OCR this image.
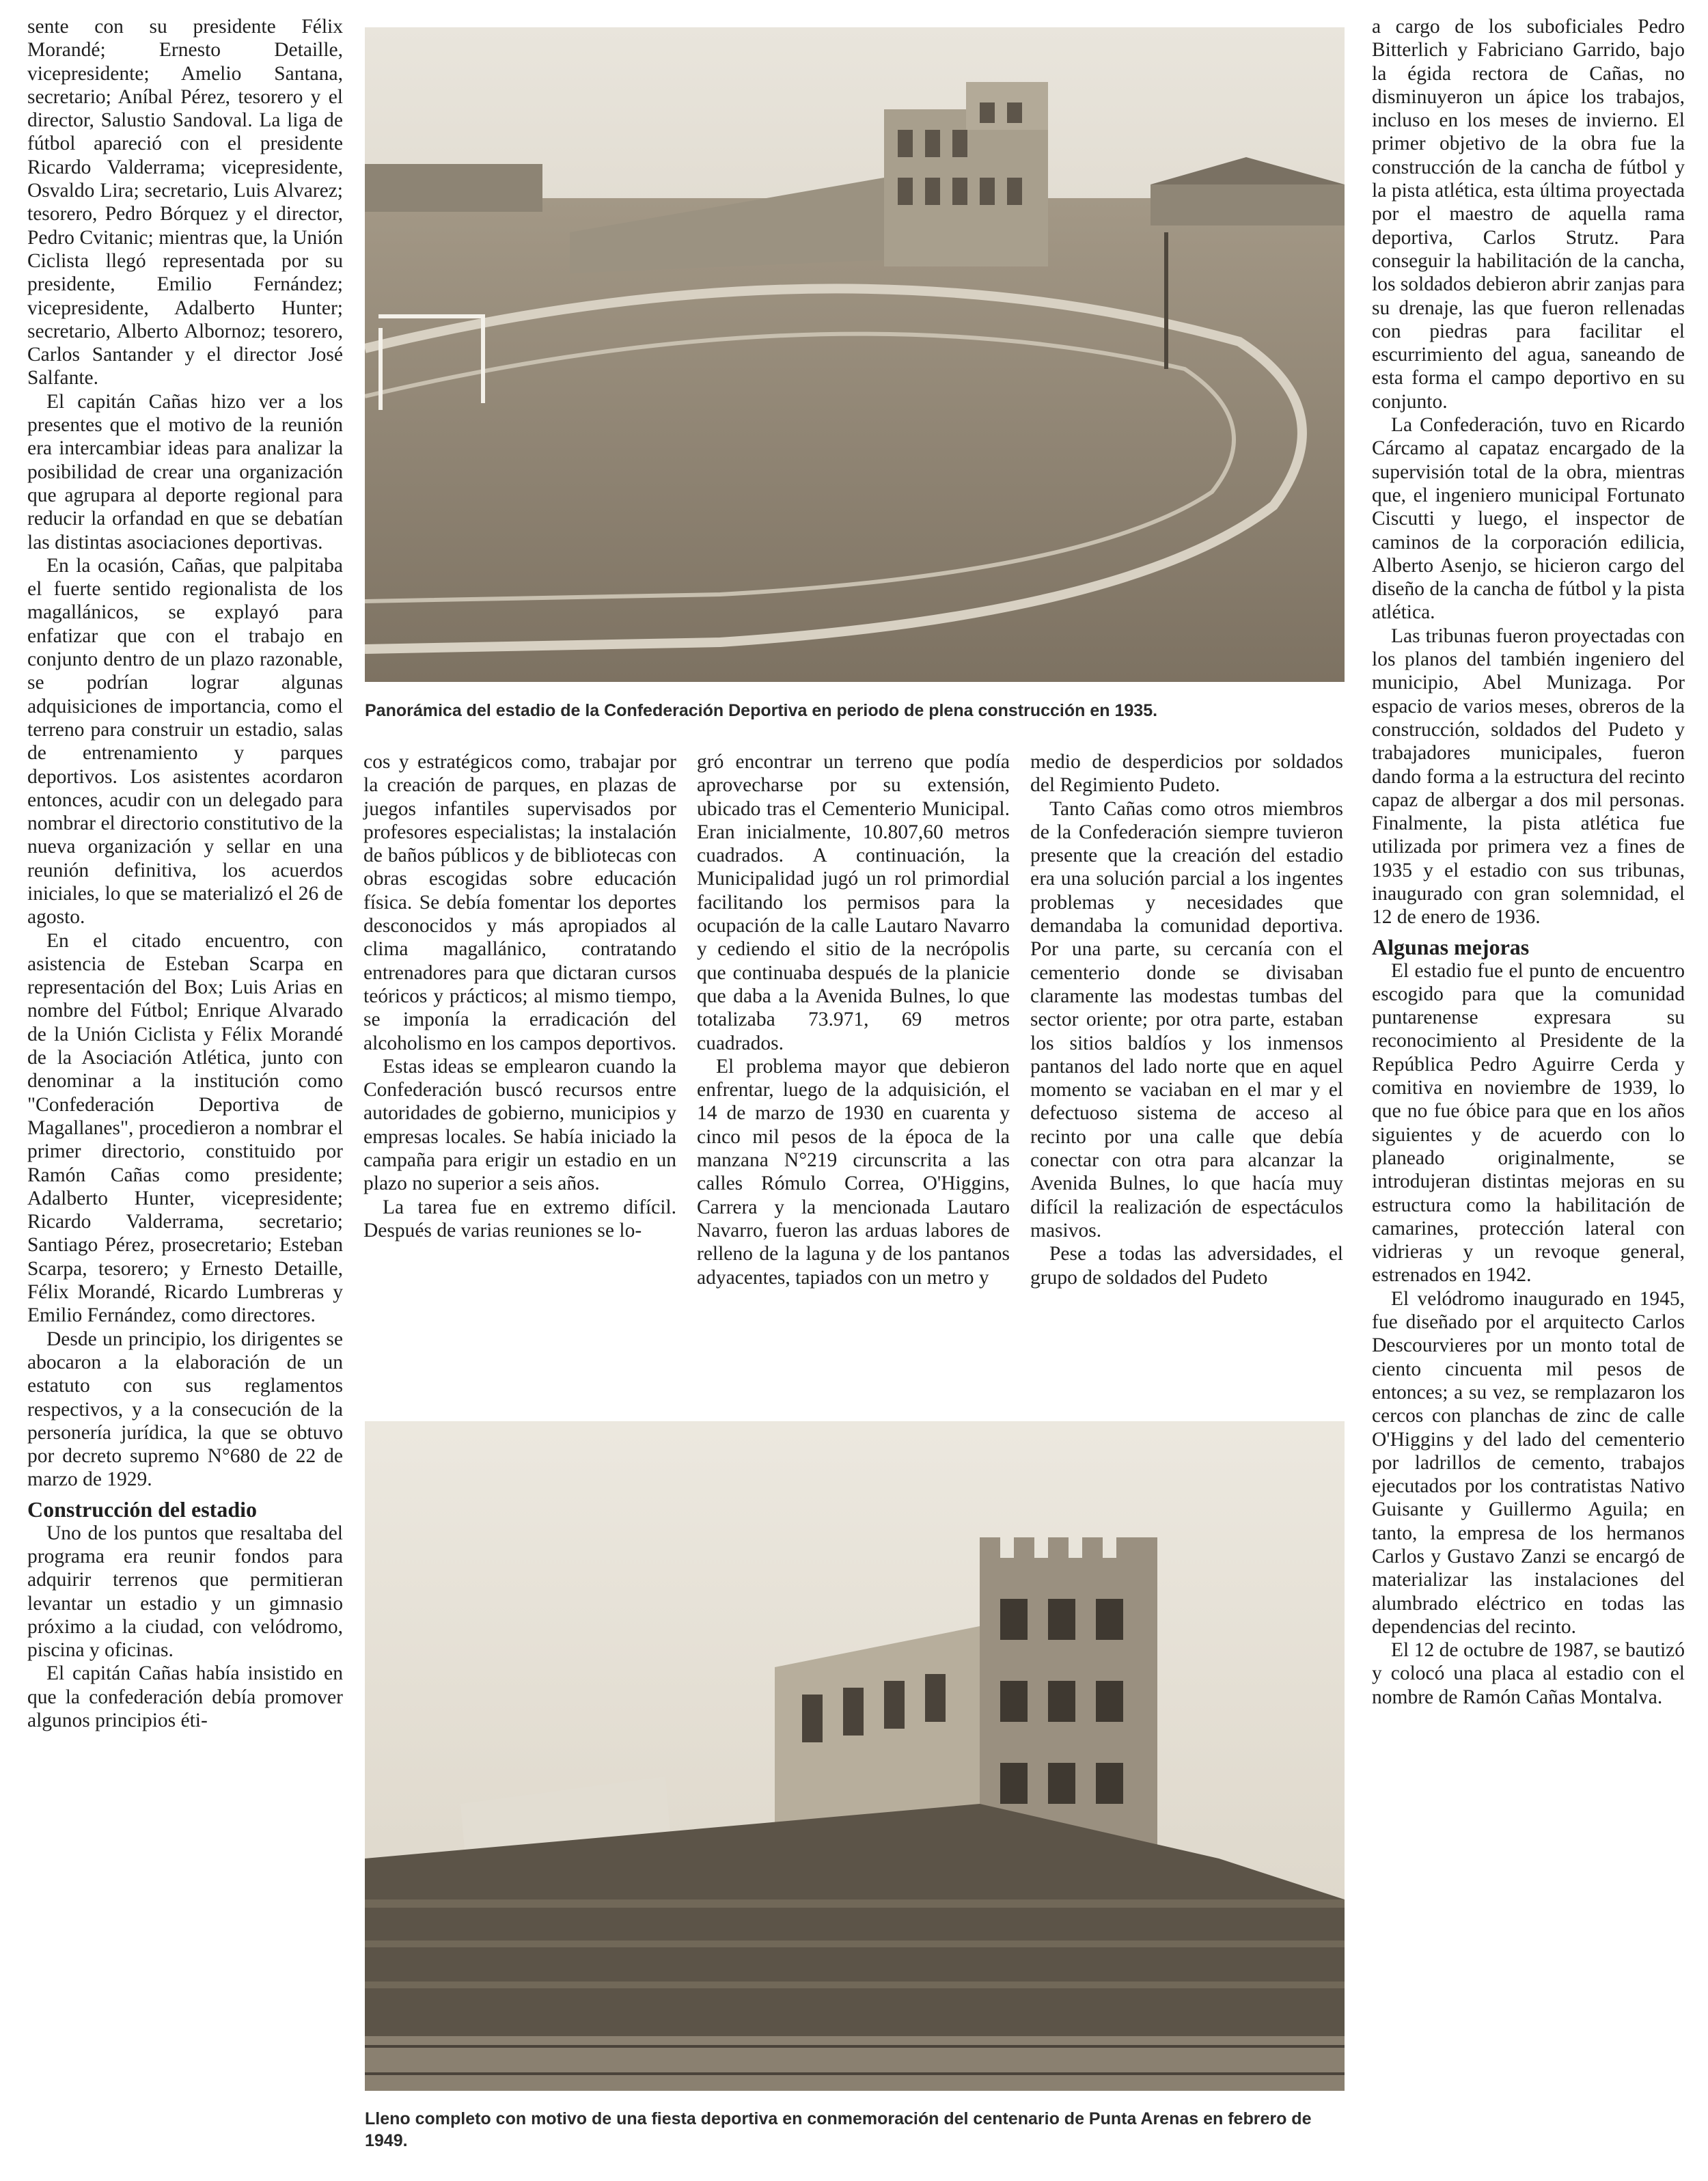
sente con su presidente Félix Morandé; Ernesto Detaille, vicepresidente; Amelio Santana, secretario; Aníbal Pérez, tesorero y el director, Salustio Sandoval. La liga de fútbol apareció con el presidente Ricardo Valderrama; vicepresidente, Osvaldo Lira; secretario, Luis Alvarez; tesorero, Pedro Bórquez y el director, Pedro Cvitanic; mientras que, la Unión Ciclista llegó representada por su presidente, Emilio Fernández; vicepresidente, Adalberto Hunter; secretario, Alberto Albornoz; tesorero, Carlos Santander y el director José Salfante.

El capitán Cañas hizo ver a los presentes que el motivo de la reunión era intercambiar ideas para analizar la posibilidad de crear una organización que agrupara al deporte regional para reducir la orfandad en que se debatían las distintas asociaciones deportivas.

En la ocasión, Cañas, que palpitaba el fuerte sentido regionalista de los magallánicos, se explayó para enfatizar que con el trabajo en conjunto dentro de un plazo razonable, se podrían lograr algunas adquisiciones de importancia, como el terreno para construir un estadio, salas de entrenamiento y parques deportivos. Los asistentes acordaron entonces, acudir con un delegado para nombrar el directorio constitutivo de la nueva organización y sellar en una reunión definitiva, los acuerdos iniciales, lo que se materializó el 26 de agosto.

En el citado encuentro, con asistencia de Esteban Scarpa en representación del Box; Luis Arias en nombre del Fútbol; Enrique Alvarado de la Unión Ciclista y Félix Morandé de la Asociación Atlética, junto con denominar a la institución como "Confederación Deportiva de Magallanes", procedieron a nombrar el primer directorio, constituido por Ramón Cañas como presidente; Adalberto Hunter, vicepresidente; Ricardo Valderrama, secretario; Santiago Pérez, prosecretario; Esteban Scarpa, tesorero; y Ernesto Detaille, Félix Morandé, Ricardo Lumbreras y Emilio Fernández, como directores.

Desde un principio, los dirigentes se abocaron a la elaboración de un estatuto con sus reglamentos respectivos, y a la consecución de la personería jurídica, la que se obtuvo por decreto supremo N°680 de 22 de marzo de 1929.

Construcción del estadio

Uno de los puntos que resaltaba del programa era reunir fondos para adquirir terrenos que permitieran levantar un estadio y un gimnasio próximo a la ciudad, con velódromo, piscina y oficinas.

El capitán Cañas había insistido en que la confederación debía promover algunos principios éti-

Panorámica del estadio de la Confederación Deportiva en periodo de plena construcción en 1935.

cos y estratégicos como, trabajar por la creación de parques, en plazas de juegos infantiles supervisados por profesores especialistas; la instalación de baños públicos y de bibliotecas con obras escogidas sobre educación física. Se debía fomentar los deportes desconocidos y más apropiados al clima magallánico, contratando entrenadores para que dictaran cursos teóricos y prácticos; al mismo tiempo, se imponía la erradicación del alcoholismo en los campos deportivos.

Estas ideas se emplearon cuando la Confederación buscó recursos entre autoridades de gobierno, municipios y empresas locales. Se había iniciado la campaña para erigir un estadio en un plazo no superior a seis años.

La tarea fue en extremo difícil. Después de varias reuniones se lo-

gró encontrar un terreno que podía aprovecharse por su extensión, ubicado tras el Cementerio Municipal. Eran inicialmente, 10.807,60 metros cuadrados. A continuación, la Municipalidad jugó un rol primordial facilitando los permisos para la ocupación de la calle Lautaro Navarro y cediendo el sitio de la necrópolis que continuaba después de la planicie que daba a la Avenida Bulnes, lo que totalizaba 73.971, 69 metros cuadrados.

El problema mayor que debieron enfrentar, luego de la adquisición, el 14 de marzo de 1930 en cuarenta y cinco mil pesos de la época de la manzana N°219 circunscrita a las calles Rómulo Correa, O'Higgins, Carrera y la mencionada Lautaro Navarro, fueron las arduas labores de relleno de la laguna y de los pantanos adyacentes, tapiados con un metro y

medio de desperdicios por soldados del Regimiento Pudeto.

Tanto Cañas como otros miembros de la Confederación siempre tuvieron presente que la creación del estadio era una solución parcial a los ingentes problemas y necesidades que demandaba la comunidad deportiva. Por una parte, su cercanía con el cementerio donde se divisaban claramente las modestas tumbas del sector oriente; por otra parte, estaban los sitios baldíos y los inmensos pantanos del lado norte que en aquel momento se vaciaban en el mar y el defectuoso sistema de acceso al recinto por una calle que debía conectar con otra para alcanzar la Avenida Bulnes, lo que hacía muy difícil la realización de espectáculos masivos.

Pese a todas las adversidades, el grupo de soldados del Pudeto

Lleno completo con motivo de una fiesta deportiva en conmemoración del centenario de Punta Arenas en febrero de 1949.

a cargo de los suboficiales Pedro Bitterlich y Fabriciano Garrido, bajo la égida rectora de Cañas, no disminuyeron un ápice los trabajos, incluso en los meses de invierno. El primer objetivo de la obra fue la construcción de la cancha de fútbol y la pista atlética, esta última proyectada por el maestro de aquella rama deportiva, Carlos Strutz. Para conseguir la habilitación de la cancha, los soldados debieron abrir zanjas para su drenaje, las que fueron rellenadas con piedras para facilitar el escurrimiento del agua, saneando de esta forma el campo deportivo en su conjunto.

La Confederación, tuvo en Ricardo Cárcamo al capataz encargado de la supervisión total de la obra, mientras que, el ingeniero municipal Fortunato Ciscutti y luego, el inspector de caminos de la corporación edilicia, Alberto Asenjo, se hicieron cargo del diseño de la cancha de fútbol y la pista atlética.

Las tribunas fueron proyectadas con los planos del también ingeniero del municipio, Abel Munizaga. Por espacio de varios meses, obreros de la construcción, soldados del Pudeto y trabajadores municipales, fueron dando forma a la estructura del recinto capaz de albergar a dos mil personas. Finalmente, la pista atlética fue utilizada por primera vez a fines de 1935 y el estadio con sus tribunas, inaugurado con gran solemnidad, el 12 de enero de 1936.

Algunas mejoras

El estadio fue el punto de encuentro escogido para que la comunidad puntarenense expresara su reconocimiento al Presidente de la República Pedro Aguirre Cerda y comitiva en noviembre de 1939, lo que no fue óbice para que en los años siguientes y de acuerdo con lo planeado originalmente, se introdujeran distintas mejoras en su estructura como la habilitación de camarines, protección lateral con vidrieras y un revoque general, estrenados en 1942.

El velódromo inaugurado en 1945, fue diseñado por el arquitecto Carlos Descourvieres por un monto total de ciento cincuenta mil pesos de entonces; a su vez, se remplazaron los cercos con planchas de zinc de calle O'Higgins y del lado del cementerio por ladrillos de cemento, trabajos ejecutados por los contratistas Nativo Guisante y Guillermo Aguila; en tanto, la empresa de los hermanos Carlos y Gustavo Zanzi se encargó de materializar las instalaciones del alumbrado eléctrico en todas las dependencias del recinto.

El 12 de octubre de 1987, se bautizó y colocó una placa al estadio con el nombre de Ramón Cañas Montalva.
